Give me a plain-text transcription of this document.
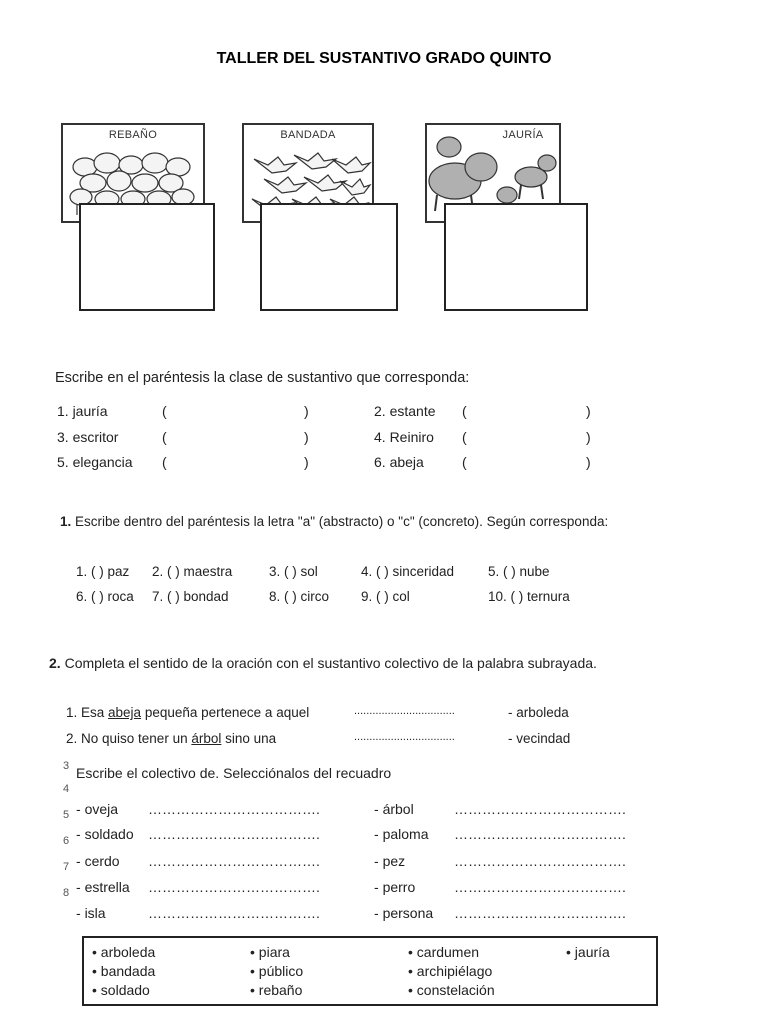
TALLER DEL SUSTANTIVO GRADO QUINTO
REBAÑO	BANDADA	JAURÍA
Escribe en el paréntesis la clase de sustantivo que corresponda:
1. jauría	(	)	2. estante (	)
3. escritor	(	)	4. Reiniro (	)
5. elegancia (	)	6. abeja	(	)
1. Escribe dentro del paréntesis la letra "a" (abstracto) o "c" (concreto). Según corresponda:
1. ( ) paz 2. ( ) maestra	3. ( ) sol	4. ( ) sinceridad	5. ( ) nube
6. ( ) roca 7. ( ) bondad	8. ( ) circo 9. ( ) col	10. ( ) ternura
2. Completa el sentido de la oración con el sustantivo colectivo de la palabra subrayada.
1. Esa abeja pequeña pertenece a aquel	.................................	- arboleda
2. No quiso tener un árbol sino una	.................................	- vecindad
3
4
5
6
7
8
Escribe el colectivo de. Selecciónalos del recuadro
- oveja ……………………………….	- árbol	……………………………….
- soldado ……………………………….	- paloma ……………………………….
- cerdo ……………………………….	- pez	……………………………….
- estrella ……………………………….	- perro	……………………………….
- isla	……………………………….	- persona ……………………………….
• arboleda	• piara	• cardumen	• jauría
• bandada	• público	• archipiélago
• soldado	• rebaño	• constelación
